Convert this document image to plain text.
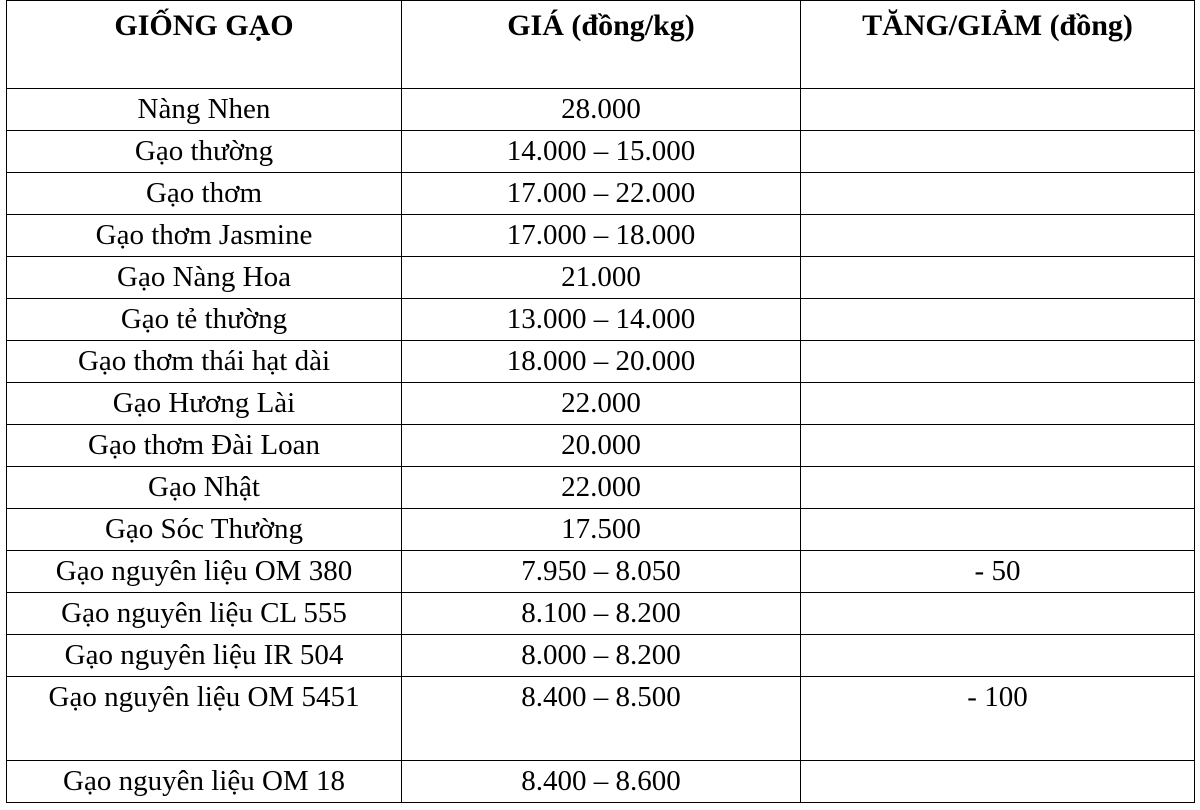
GIỐNG GẠO	GIÁ (đồng/kg)	TĂNG/GIẢM (đồng)
Nàng Nhen	28.000	
Gạo thường	14.000 – 15.000	
Gạo thơm	17.000 – 22.000	
Gạo thơm Jasmine	17.000 – 18.000	
Gạo Nàng Hoa	21.000	
Gạo tẻ thường	13.000 – 14.000	
Gạo thơm thái hạt dài	18.000 – 20.000	
Gạo Hương Lài	22.000	
Gạo thơm Đài Loan	20.000	
Gạo Nhật	22.000	
Gạo Sóc Thường	17.500	
Gạo nguyên liệu OM 380	7.950 – 8.050	- 50
Gạo nguyên liệu CL 555	8.100 – 8.200	
Gạo nguyên liệu IR 504	8.000 – 8.200	
Gạo nguyên liệu OM 5451	8.400 – 8.500	- 100
Gạo nguyên liệu OM 18	8.400 – 8.600	
